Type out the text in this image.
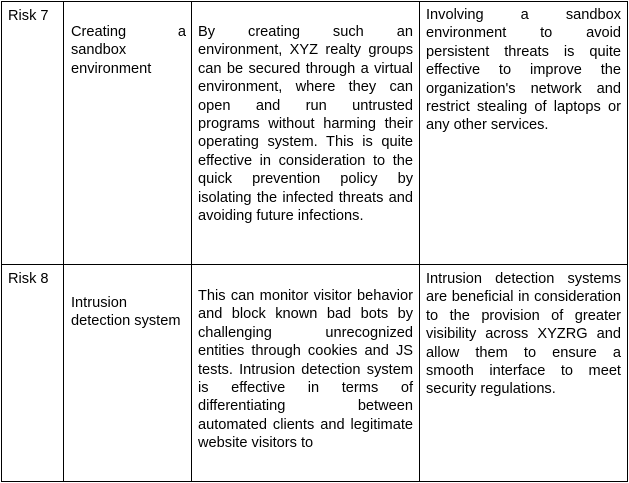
Risk 7	Creating a sandbox environment	By creating such an environment, XYZ realty groups can be secured through a virtual environment, where they can open and run untrusted programs without harming their operating system. This is quite effective in consideration to the quick prevention policy by isolating the infected threats and avoiding future infections.	Involving a sandbox environment to avoid persistent threats is quite effective to improve the organization's network and restrict stealing of laptops or any other services.

Risk 8	Intrusion detection system	This can monitor visitor behavior and block known bad bots by challenging unrecognized entities through cookies and JS tests. Intrusion detection system is effective in terms of differentiating between automated clients and legitimate website visitors to	Intrusion detection systems are beneficial in consideration to the provision of greater visibility across XYZRG and allow them to ensure a smooth interface to meet security regulations.
